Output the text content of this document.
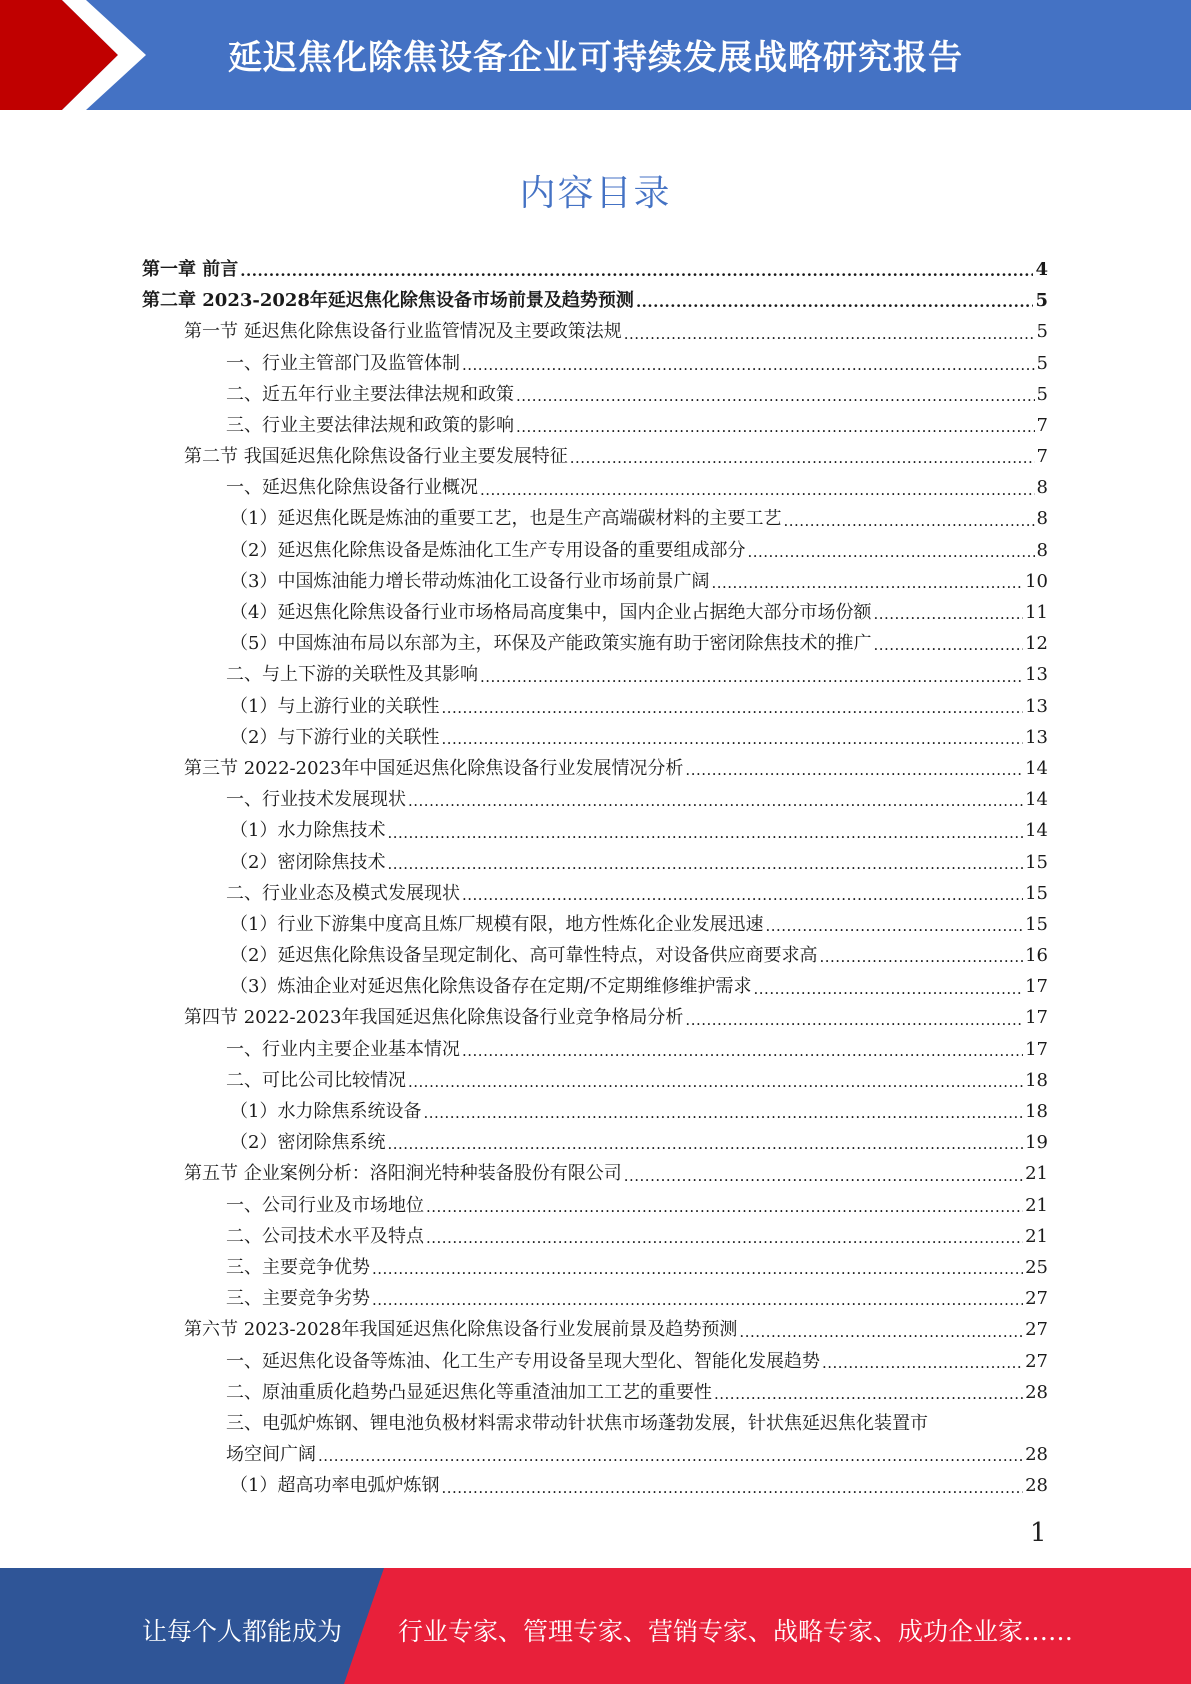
延迟焦化除焦设备企业可持续发展战略研究报告
内容目录
第一章 前言 .....	4
第二章 2023-2028年延迟焦化除焦设备市场前景及趋势预测 .....	5
第一节 延迟焦化除焦设备行业监管情况及主要政策法规 .....	5
一、行业主管部门及监管体制 .....	5
二、近五年行业主要法律法规和政策 .....	5
三、行业主要法律法规和政策的影响 .....	7
第二节 我国延迟焦化除焦设备行业主要发展特征 .....	7
一、延迟焦化除焦设备行业概况 .....	8
（1）延迟焦化既是炼油的重要工艺，也是生产高端碳材料的主要工艺 .....	8
（2）延迟焦化除焦设备是炼油化工生产专用设备的重要组成部分 .....	8
（3）中国炼油能力增长带动炼油化工设备行业市场前景广阔 .....	10
（4）延迟焦化除焦设备行业市场格局高度集中，国内企业占据绝大部分市场份额 .....	11
（5）中国炼油布局以东部为主，环保及产能政策实施有助于密闭除焦技术的推广 .....	12
二、与上下游的关联性及其影响 .....	13
（1）与上游行业的关联性 .....	13
（2）与下游行业的关联性 .....	13
第三节 2022-2023年中国延迟焦化除焦设备行业发展情况分析 .....	14
一、行业技术发展现状 .....	14
（1）水力除焦技术 .....	14
（2）密闭除焦技术 .....	15
二、行业业态及模式发展现状 .....	15
（1）行业下游集中度高且炼厂规模有限，地方性炼化企业发展迅速 .....	15
（2）延迟焦化除焦设备呈现定制化、高可靠性特点，对设备供应商要求高 .....	16
（3）炼油企业对延迟焦化除焦设备存在定期/不定期维修维护需求 .....	17
第四节 2022-2023年我国延迟焦化除焦设备行业竞争格局分析 .....	17
一、行业内主要企业基本情况 .....	17
二、可比公司比较情况 .....	18
（1）水力除焦系统设备 .....	18
（2）密闭除焦系统 .....	19
第五节 企业案例分析：洛阳涧光特种装备股份有限公司 .....	21
一、公司行业及市场地位 .....	21
二、公司技术水平及特点 .....	21
三、主要竞争优势 .....	25
三、主要竞争劣势 .....	27
第六节 2023-2028年我国延迟焦化除焦设备行业发展前景及趋势预测 .....	27
一、延迟焦化设备等炼油、化工生产专用设备呈现大型化、智能化发展趋势 .....	27
二、原油重质化趋势凸显延迟焦化等重渣油加工工艺的重要性 .....	28
三、电弧炉炼钢、锂电池负极材料需求带动针状焦市场蓬勃发展，针状焦延迟焦化装置市
场空间广阔 .....	28
（1）超高功率电弧炉炼钢 .....	28
1
让每个人都能成为 行业专家、管理专家、营销专家、战略专家、成功企业家……
